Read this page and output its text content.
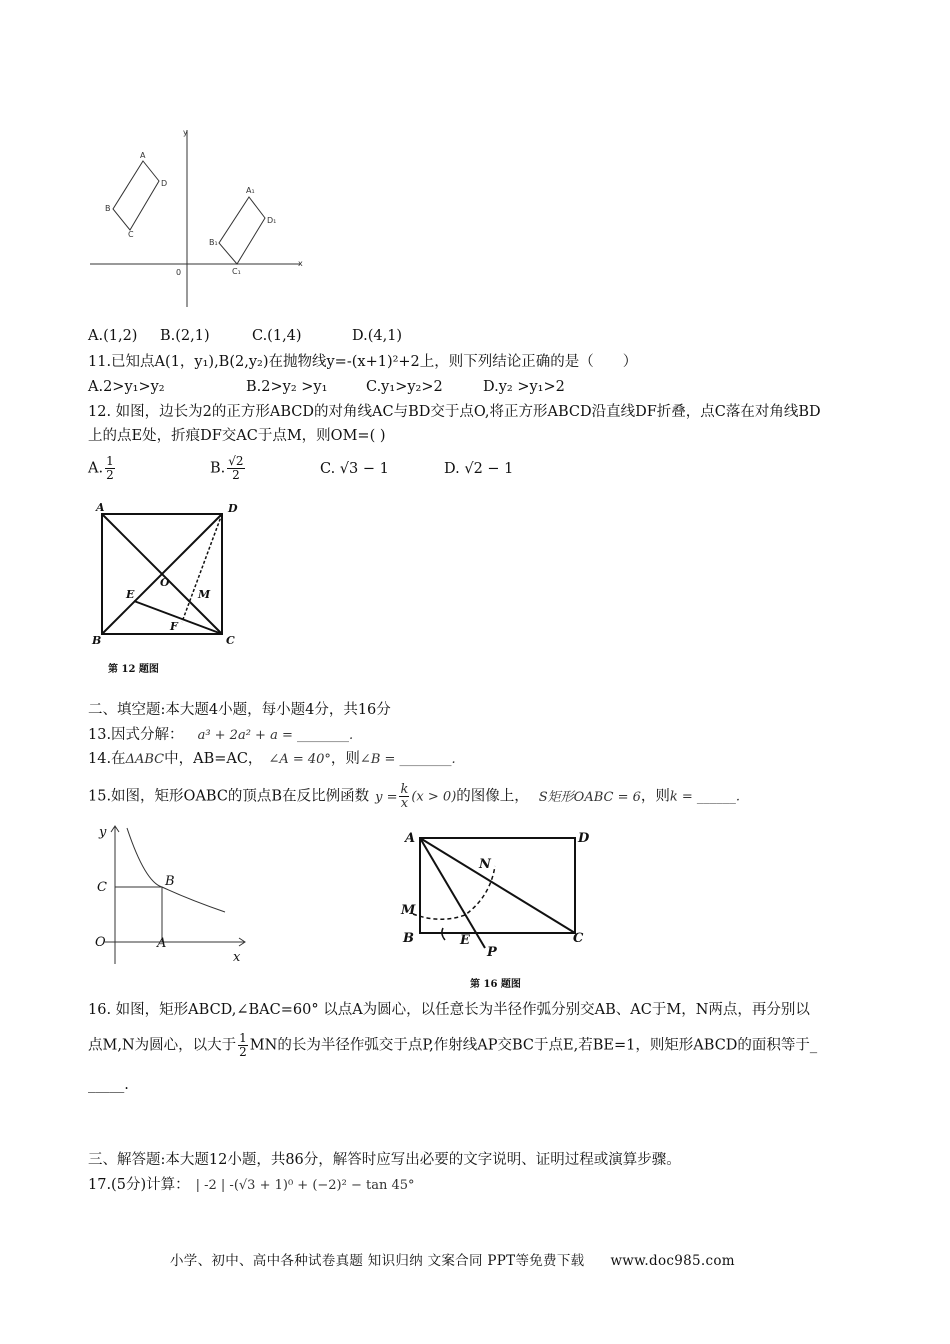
x
y
0
A
B
C
D
A₁
B₁
C₁
D₁
A.(1,2) B.(2,1)	C.(1,4)	D.(4,1)
11.已知点A(1，y₁),B(2,y₂)在抛物线y=-(x+1)²+2上，则下列结论正确的是（　　）
A.2>y₁>y₂	B.2>y₂ >y₁	C.y₁>y₂>2	D.y₂ >y₁>2
12. 如图，边长为2的正方形ABCD的对角线AC与BD交于点O,将正方形ABCD沿直线DF折叠，点C落在对角线BD
上的点E处，折痕DF交AC于点M，则OM=( )
A. $\frac{1}{2}$	B. $\frac{√2}{2}$	C. √3 − 1	D. √2 − 1
A	D
O
E	M
F
B	C
第 12 题图
二、填空题:本大题4小题，每小题4分，共16分
13.因式分解： a³ + 2a² + a = ________.
14.在ΔABC中，AB=AC， ∠A = 40°，则∠B = ________.
15.如图，矩形OABC的顶点B在反比例函数 $y = \frac{k}{x} (x > 0)$的图像上， S矩形OABC = 6，则k = ______.
y
x
O	A
B
C
A	D
N
M
B	E
P
C
第 16 题图
16. 如图，矩形ABCD,∠BAC=60° 以点A为圆心，以任意长为半径作弧分别交AB、AC于M，N两点，再分别以
点M,N为圆心，以大于 $\frac{1}{2}$ MN的长为半径作弧交于点P,作射线AP交BC于点E,若BE=1，则矩形ABCD的面积等于_
_____.
三、解答题:本大题12小题，共86分，解答时应写出必要的文字说明、证明过程或演算步骤。
17.(5分)计算： | -2 | -(√3 + 1)⁰ + (−2)² − tan 45°
小学、初中、高中各种试卷真题 知识归纳 文案合同 PPT等免费下载 www.doc985.com
